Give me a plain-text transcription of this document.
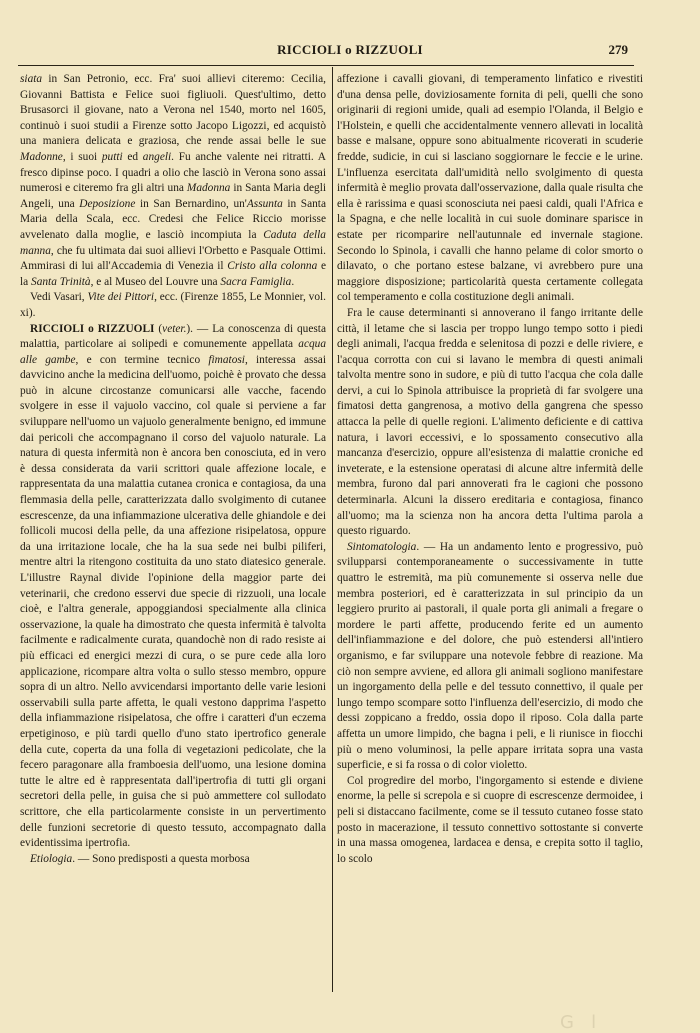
RICCIOLI o RIZZUOLI	279

siata in San Petronio, ecc. Fra' suoi allievi citeremo: Cecilia, Giovanni Battista e Felice suoi figliuoli. Quest'ultimo, detto Brusasorci il giovane, nato a Verona nel 1540, morto nel 1605, continuò i suoi studii a Firenze sotto Jacopo Ligozzi, ed acquistò una maniera delicata e graziosa, che rende assai belle le sue Madonne, i suoi putti ed angeli. Fu anche valente nei ritratti. A fresco dipinse poco. I quadri a olio che lasciò in Verona sono assai numerosi e citeremo fra gli altri una Madonna in Santa Maria degli Angeli, una Deposizione in San Bernardino, un'Assunta in Santa Maria della Scala, ecc. Credesi che Felice Riccio morisse avvelenato dalla moglie, e lasciò incompiuta la Caduta della manna, che fu ultimata dai suoi allievi l'Orbetto e Pasquale Ottimi. Ammirasi di lui all'Accademia di Venezia il Cristo alla colonna e la Santa Trinità, e al Museo del Louvre una Sacra Famiglia.

Vedi Vasari, Vite dei Pittori, ecc. (Firenze 1855, Le Monnier, vol. xi).

RICCIOLI o RIZZUOLI (veter.). — La conoscenza di questa malattia, particolare ai solipedi e comunemente appellata acqua alle gambe, e con termine tecnico fimatosi, interessa assai davvicino anche la medicina dell'uomo, poichè è provato che dessa può in alcune circostanze comunicarsi alle vacche, facendo svolgere in esse il vajuolo vaccino, col quale si perviene a far sviluppare nell'uomo un vajuolo generalmente benigno, ed immune dai pericoli che accompagnano il corso del vajuolo naturale. La natura di questa infermità non è ancora ben conosciuta, ed in vero è dessa considerata da varii scrittori quale affezione locale, e rappresentata da una malattia cutanea cronica e contagiosa, da una flemmasia della pelle, caratterizzata dallo svolgimento di cutanee escrescenze, da una infiammazione ulcerativa delle ghiandole e dei follicoli mucosi della pelle, da una affezione risipelatosa, oppure da una irritazione locale, che ha la sua sede nei bulbi piliferi, mentre altri la ritengono costituita da uno stato diatesico generale. L'illustre Raynal divide l'opinione della maggior parte dei veterinarii, che credono esservi due specie di rizzuoli, una locale cioè, e l'altra generale, appoggiandosi specialmente alla clinica osservazione, la quale ha dimostrato che questa infermità è talvolta facilmente e radicalmente curata, quandochè non di rado resiste ai più efficaci ed energici mezzi di cura, o se pure cede alla loro applicazione, ricompare altra volta o sullo stesso membro, oppure sopra di un altro. Nello avvicendarsi importanto delle varie lesioni osservabili sulla parte affetta, le quali vestono dapprima l'aspetto della infiammazione risipelatosa, che offre i caratteri d'un eczema erpetiginoso, e più tardi quello d'uno stato ipertrofico generale della cute, coperta da una folla di vegetazioni pedicolate, che la fecero paragonare alla framboesia dell'uomo, una lesione domina tutte le altre ed è rappresentata dall'ipertrofia di tutti gli organi secretori della pelle, in guisa che si può ammettere col sullodato scrittore, che ella particolarmente consiste in un pervertimento delle funzioni secretorie di questo tessuto, accompagnato dalla evidentissima ipertrofia.

Etiologia. — Sono predisposti a questa morbosa

affezione i cavalli giovani, di temperamento linfatico e rivestiti d'una densa pelle, doviziosamente fornita di peli, quelli che sono originarii di regioni umide, quali ad esempio l'Olanda, il Belgio e l'Holstein, e quelli che accidentalmente vennero allevati in località basse e malsane, oppure sono abitualmente ricoverati in scuderie fredde, sudicie, in cui si lasciano soggiornare le feccie e le urine. L'influenza esercitata dall'umidità nello svolgimento di questa infermità è meglio provata dall'osservazione, dalla quale risulta che ella è rarissima e quasi sconosciuta nei paesi caldi, quali l'Africa e la Spagna, e che nelle località in cui suole dominare sparisce in estate per ricomparire nell'autunnale ed invernale stagione. Secondo lo Spinola, i cavalli che hanno pelame di color smorto o dilavato, o che portano estese balzane, vi avrebbero pure una maggiore disposizione; particolarità questa certamente collegata col temperamento e colla costituzione degli animali.

Fra le cause determinanti si annoverano il fango irritante delle città, il letame che si lascia per troppo lungo tempo sotto i piedi degli animali, l'acqua fredda e selenitosa di pozzi e delle riviere, e l'acqua corrotta con cui si lavano le membra di questi animali talvolta mentre sono in sudore, e più di tutto l'acqua che cola dalle dervi, a cui lo Spinola attribuisce la proprietà di far svolgere una fimatosi detta gangrenosa, a motivo della gangrena che spesso attacca la pelle di quelle regioni. L'alimento deficiente e di cattiva natura, i lavori eccessivi, e lo spossamento consecutivo alla mancanza d'esercizio, oppure all'esistenza di malattie croniche ed inveterate, e la estensione operatasi di alcune altre infermità delle membra, furono dal pari annoverati fra le cagioni che possono determinarla. Alcuni la dissero ereditaria e contagiosa, financo all'uomo; ma la scienza non ha ancora detta l'ultima parola a questo riguardo.

Sintomatologia. — Ha un andamento lento e progressivo, può svilupparsi contemporaneamente o successivamente in tutte quattro le estremità, ma più comunemente si osserva nelle due membra posteriori, ed è caratterizzata in sul principio da un leggiero prurito ai pastorali, il quale porta gli animali a fregare o mordere le parti affette, producendo ferite ed un aumento dell'infiammazione e del dolore, che può estendersi all'intiero organismo, e far sviluppare una notevole febbre di reazione. Ma ciò non sempre avviene, ed allora gli animali sogliono manifestare un ingorgamento della pelle e del tessuto connettivo, il quale per lungo tempo scompare sotto l'influenza dell'esercizio, di modo che dessi zoppicano a freddo, ossia dopo il riposo. Cola dalla parte affetta un umore limpido, che bagna i peli, e li riunisce in fiocchi più o meno voluminosi, la pelle appare irritata sopra una vasta superficie, e si fa rossa o di color violetto.

Col progredire del morbo, l'ingorgamento si estende e diviene enorme, la pelle si screpola e si cuopre di escrescenze dermoidee, i peli si distaccano facilmente, come se il tessuto cutaneo fosse stato posto in macerazione, il tessuto connettivo sottostante si converte in una massa omogenea, lardacea e densa, e crepita sotto il taglio, lo scolo

G   l
